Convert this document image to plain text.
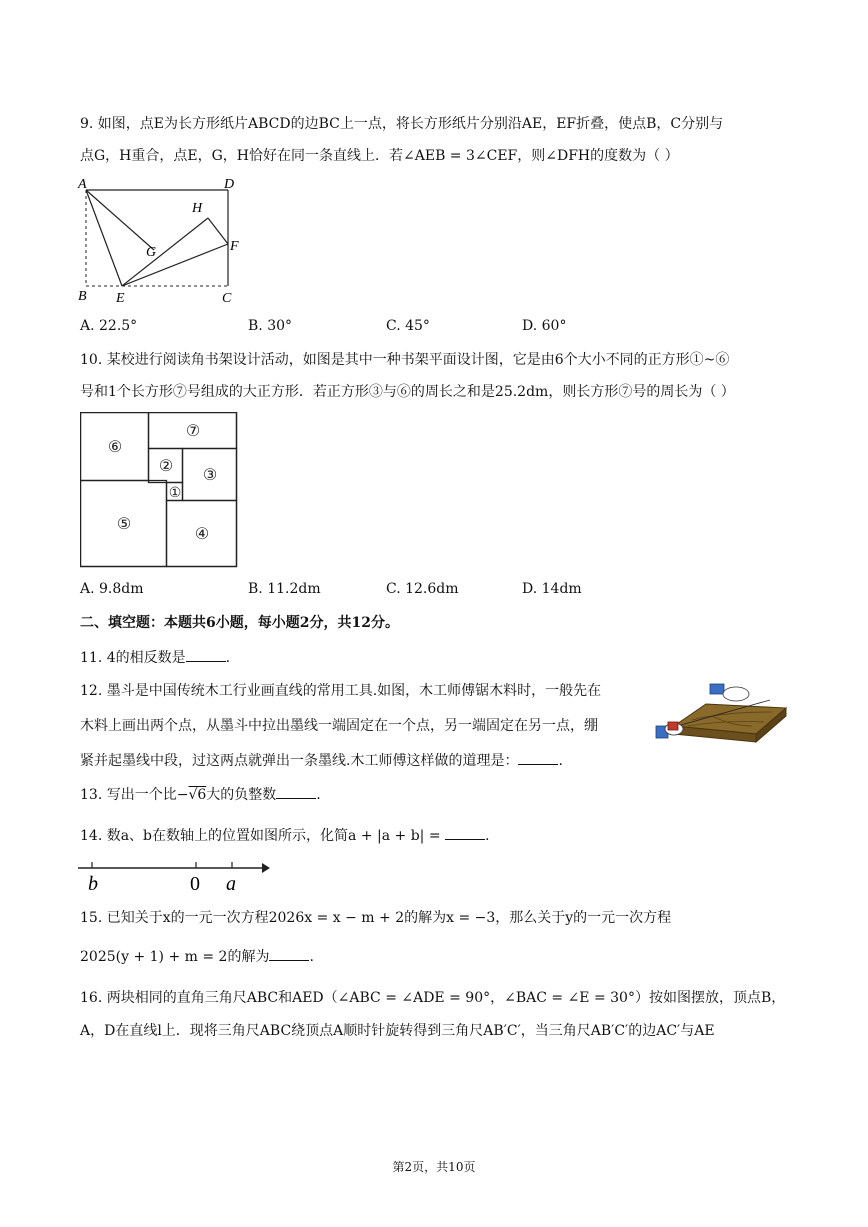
9. 如图，点E为长方形纸片ABCD的边BC上一点，将长方形纸片分别沿AE，EF折叠，使点B，C分别与
点G，H重合，点E，G，H恰好在同一条直线上．若∠AEB = 3∠CEF，则∠DFH的度数为（ ）
A	D
H
G	F
B E	C
A. 22.5°	B. 30°	C. 45°	D. 60°
10. 某校进行阅读角书架设计活动，如图是其中一种书架平面设计图，它是由6个大小不同的正方形①~⑥
号和1个长方形⑦号组成的大正方形．若正方形③与⑥的周长之和是25.2dm，则长方形⑦号的周长为（ ）
⑥
⑦
②
③
①
⑤
④
A. 9.8dm	B. 11.2dm	C. 12.6dm	D. 14dm
二、填空题：本题共6小题，每小题2分，共12分。
11. 4的相反数是	.
12. 墨斗是中国传统木工行业画直线的常用工具.如图，木工师傅锯木料时，一般先在
木料上画出两个点，从墨斗中拉出墨线一端固定在一个点，另一端固定在另一点，绷
紧并起墨线中段，过这两点就弹出一条墨线.木工师傅这样做的道理是：	.
13. 写出一个比−√6大的负整数	.
14. 数a、b在数轴上的位置如图所示，化简a + |a + b| =	.
b	0 a
15. 已知关于x的一元一次方程2026x = x − m + 2的解为x = −3，那么关于y的一元一次方程
2025(y + 1) + m = 2的解为	.
16. 两块相同的直角三角尺ABC和AED（∠ABC = ∠ADE = 90°，∠BAC = ∠E = 30°）按如图摆放，顶点B，
A，D在直线l上．现将三角尺ABC绕顶点A顺时针旋转得到三角尺AB′C′，当三角尺AB′C′的边AC′与AE
第2页，共10页
